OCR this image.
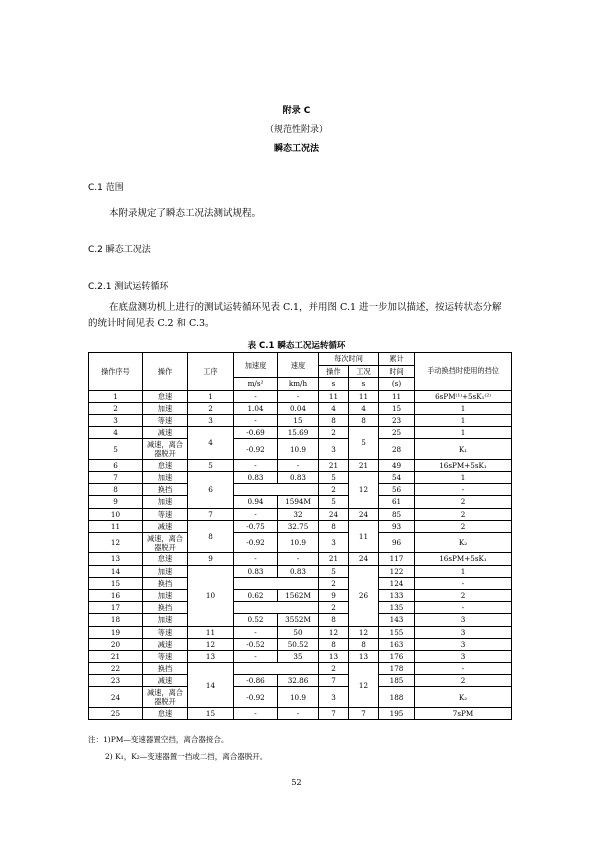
附录 C
（规范性附录）
瞬态工况法
C.1 范围
本附录规定了瞬态工况法测试规程。
C.2 瞬态工况法
C.2.1 测试运转循环
在底盘测功机上进行的测试运转循环见表 C.1，并用图 C.1 进一步加以描述，按运转状态分解的统计时间见表 C.2 和 C.3。
表 C.1 瞬态工况运转循环
操作序号	操作	工序	加速度	速度	每次时间		累计	手动换挡时使用的挡位
					操作	工况	时间	
			m/s²	km/h	s	s	(s)	
1	怠速	1	-	-	11	11	11	6sPM⁽¹⁾+5sK₁⁽²⁾
2	加速	2	1.04	0.04	4	4	15	1
3	等速	3	-	15	8	8	23	1
4	减速	4	-0.69	15.69	2	5	25	1
5	减速，离合器脱开		-0.92	10.9	3		28	K₁
6	怠速	5	-	-	21	21	49	16sPM+5sK₁
7	加速	6	0.83	0.83	5	12	54	1
8	换挡				2		56	-
9	加速		0.94	1594M	5		61	2
10	等速	7	-	32	24	24	85	2
11	减速	8	-0.75	32.75	8	11	93	2
12	减速，离合器脱开		-0.92	10.9	3		96	K₂
13	怠速	9	-	-	21	24	117	16sPM+5sK₁
14	加速	10	0.83	0.83	5	26	122	1
15	换挡				2		124	-
16	加速		0.62	1562M	9		133	2
17	换挡				2		135	-
18	加速		0.52	3552M	8		143	3
19	等速	11	-	50	12	12	155	3
20	减速	12	-0.52	50.52	8	8	163	3
21	等速	13	-	35	13	13	176	3
22	换挡	14			2	12	178	-
23	减速		-0.86	32.86	7		185	2
24	减速，离合器脱开		-0.92	10.9	3		188	K₂
25	怠速	15	-	-	7	7	195	7sPM
注：1)PM—变速器置空挡，离合器接合。
2) K₁，K₂—变速器置一挡或二挡，离合器脱开。
52
